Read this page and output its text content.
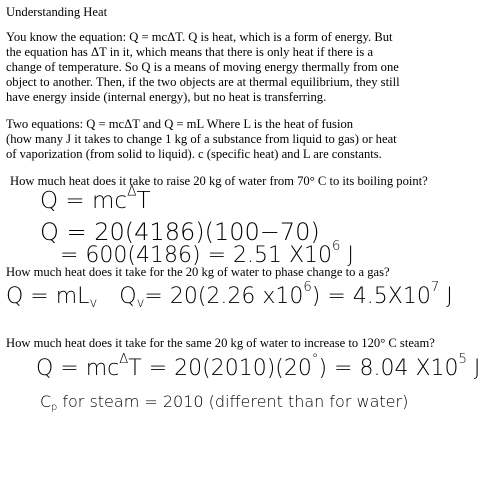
Understanding Heat
You know the equation: Q = mcΔT. Q is heat, which is a form of energy. But
the equation has ΔT in it, which means that there is only heat if there is a
change of temperature. So Q is a means of moving energy thermally from one
object to another. Then, if the two objects are at thermal equilibrium, they still
have energy inside (internal energy), but no heat is transferring.
Two equations: Q = mcΔT and Q = mL Where L is the heat of fusion
(how many J it takes to change 1 kg of a substance from liquid to gas) or heat
of vaporization (from solid to liquid). c (specific heat) and L are constants.
How much heat does it take to raise 20 kg of water from 70° C to its boiling point?
$Q = mc^\Delta T$
Q = 20(4186)(100−70)
= 600(4186) = 2.51 $X10^6$ J
How much heat does it take for the 20 kg of water to phase change to a gas?
$Q = mL_v$ $Q_v= 20(2.26$ $x10^6) = 4.5X10^7$ J
How much heat does it take for the same 20 kg of water to increase to 120° C steam?
$Q = mc^\Delta T = 20(2010)(20^\circ) = 8.04$ $X10^5$ J
$C_p$ for steam = 2010 (different than for water)
